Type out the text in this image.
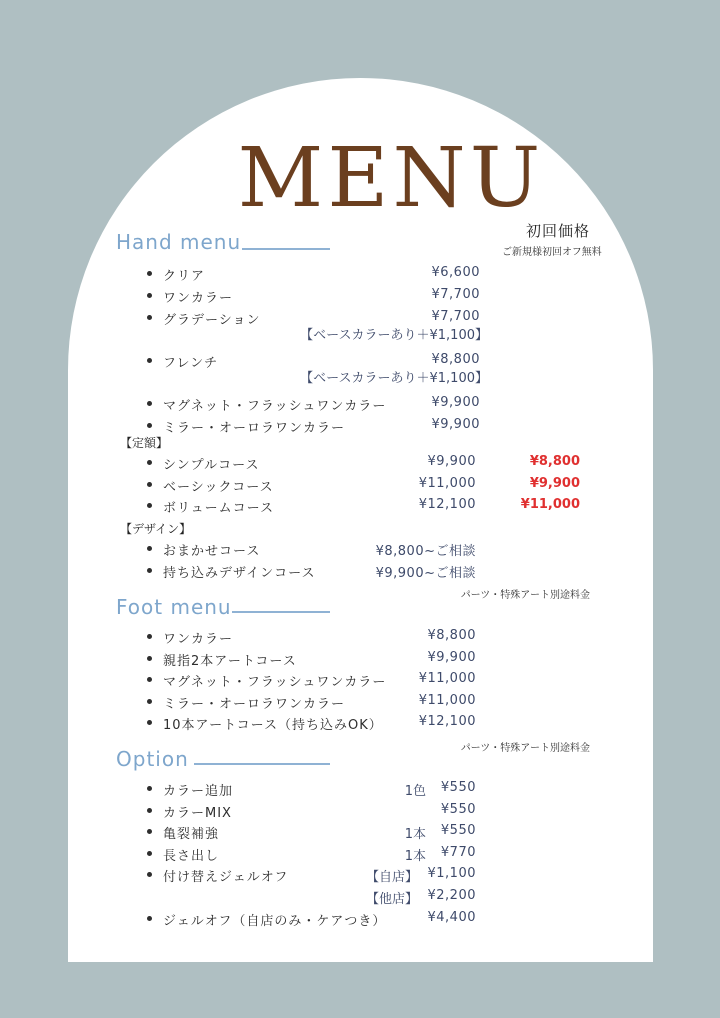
MENU
初回価格
ご新規様初回オフ無料
Hand menu
クリア	¥6,600
ワンカラー	¥7,700
グラデーション	¥7,700
【ベースカラーあり＋¥1,100】
フレンチ	¥8,800
【ベースカラーあり＋¥1,100】
マグネット・フラッシュワンカラー	¥9,900
ミラー・オーロラワンカラー	¥9,900
【定額】
シンプルコース	¥9,900	¥8,800
ベーシックコース	¥11,000	¥9,900
ボリュームコース	¥12,100	¥11,000
【デザイン】
おまかせコース	¥8,800~ご相談
持ち込みデザインコース	¥9,900~ご相談
パーツ・特殊アート別途料金
Foot menu
ワンカラー	¥8,800
親指2本アートコース	¥9,900
マグネット・フラッシュワンカラー	¥11,000
ミラー・オーロラワンカラー	¥11,000
10本アートコース（持ち込みOK）	¥12,100
パーツ・特殊アート別途料金
Option
カラー追加	1色	¥550
カラーMIX	¥550
亀裂補強	1本	¥550
長さ出し	1本	¥770
付け替えジェルオフ	【自店】 ¥1,100
【他店】 ¥2,200
ジェルオフ（自店のみ・ケアつき）	¥4,400
